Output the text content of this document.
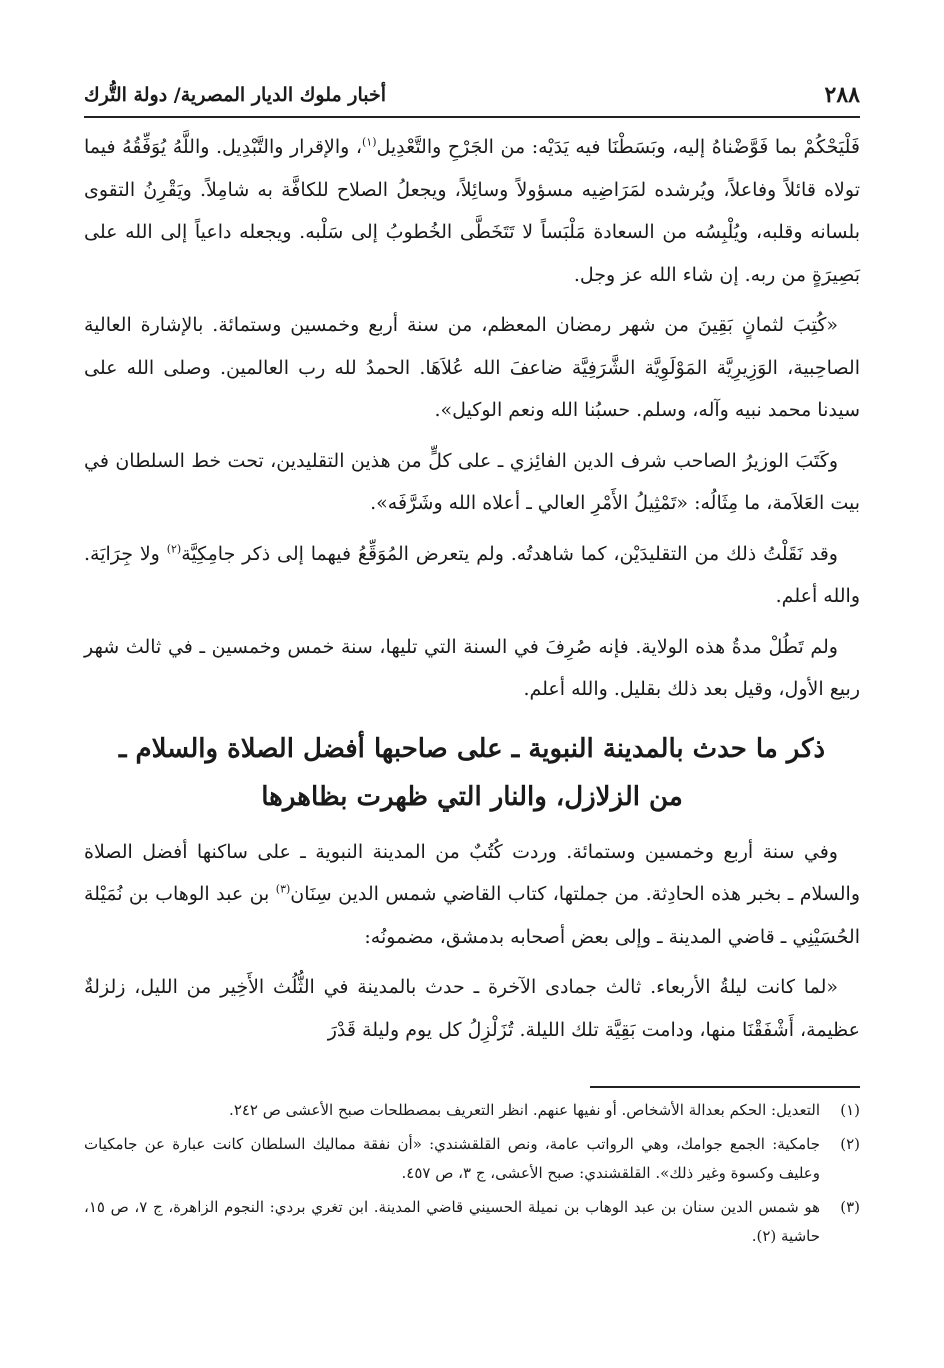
٢٨٨
أخبار ملوك الديار المصرية/ دولة التُّرك

فَلْيَحْكُمْ بما فَوَّضْناهُ إليه، وبَسَطْنَا فيه يَدَيْه: من الجَرْحِ والتَّعْدِيل$^{(١)}$، والإقرار والتَّبْدِيل. واللَّهُ يُوَفِّقُهُ فيما تولاه قائلاً وفاعلاً، ويُرشده لمَرَاضِيه مسؤولاً وسائِلاً، ويجعلُ الصلاح للكافَّة به شامِلاً. ويَقْرِنُ التقوى بلسانه وقلبه، ويُلْبِسُه من السعادة مَلْبَساً لا تَتَخَطَّى الخُطوبُ إلى سَلْبه. ويجعله داعياً إلى الله على بَصِيرَةٍ من ربه. إن شاء الله عز وجل.

«كُتِبَ لثمانٍ بَقِينَ من شهر رمضان المعظم، من سنة أربع وخمسين وستمائة. بالإشارة العالية الصاحِبية، الوَزِيرِيَّة المَوْلَوِيَّة الشَّرَفِيَّة ضاعفَ الله عُلاَهَا. الحمدُ لله رب العالمين. وصلى الله على سيدنا محمد نبيه وآله، وسلم. حسبُنا الله ونعم الوكيل».

وكَتَبَ الوزيرُ الصاحب شرف الدين الفائِزي ـ على كلٍّ من هذين التقليدين، تحت خط السلطان في بيت العَلاَمة، ما مِثَالُه: «تَمْثِيلُ الأَمْرِ العالي ـ أعلاه الله وشَرَّفَه».

وقد نَقَلْتُ ذلك من التقليدَيْن، كما شاهدتُه. ولم يتعرض المُوَقِّعُ فيهما إلى ذكر جامِكِيَّة$^{(٢)}$ ولا جِرَايَة. والله أعلم.

ولم تَطُلْ مدةُ هذه الولاية. فإنه صُرِفَ في السنة التي تليها، سنة خمس وخمسين ـ في ثالث شهر ربيع الأول، وقيل بعد ذلك بقليل. والله أعلم.

ذكر ما حدث بالمدينة النبوية ـ على صاحبها أفضل الصلاة والسلام ـ
من الزلازل، والنار التي ظهرت بظاهرها

وفي سنة أربع وخمسين وستمائة. وردت كُتُبٌ من المدينة النبوية ـ على ساكنها أفضل الصلاة والسلام ـ بخبر هذه الحادِثة. من جملتها، كتاب القاضي شمس الدين سِنَان$^{(٣)}$ بن عبد الوهاب بن نُمَيْلة الحُسَيْنِي ـ قاضي المدينة ـ وإلى بعض أصحابه بدمشق، مضمونُه:

«لما كانت ليلةُ الأربعاء. ثالث جمادى الآخرة ـ حدث بالمدينة في الثُّلُث الأَخِير من الليل، زلزلةٌ عظيمة، أَشْفَقْنَا منها، ودامت بَقِيَّة تلك الليلة. تُزَلْزِلُ كل يوم وليلة قَدْرَ

(١)
التعديل: الحكم بعدالة الأشخاص. أو نفيها عنهم. انظر التعريف بمصطلحات صبح الأعشى ص ٢٤٢.
(٢)
جامكية: الجمع جوامك، وهي الرواتب عامة، ونص القلقشندي: «أن نفقة مماليك السلطان كانت عبارة عن جامكيات وعليف وكسوة وغير ذلك». القلقشندي: صبح الأعشى، ج ٣، ص ٤٥٧.
(٣)
هو شمس الدين سنان بن عبد الوهاب بن نميلة الحسيني قاضي المدينة. ابن تغري بردي: النجوم الزاهرة، ج ٧، ص ١٥، حاشية (٢).
